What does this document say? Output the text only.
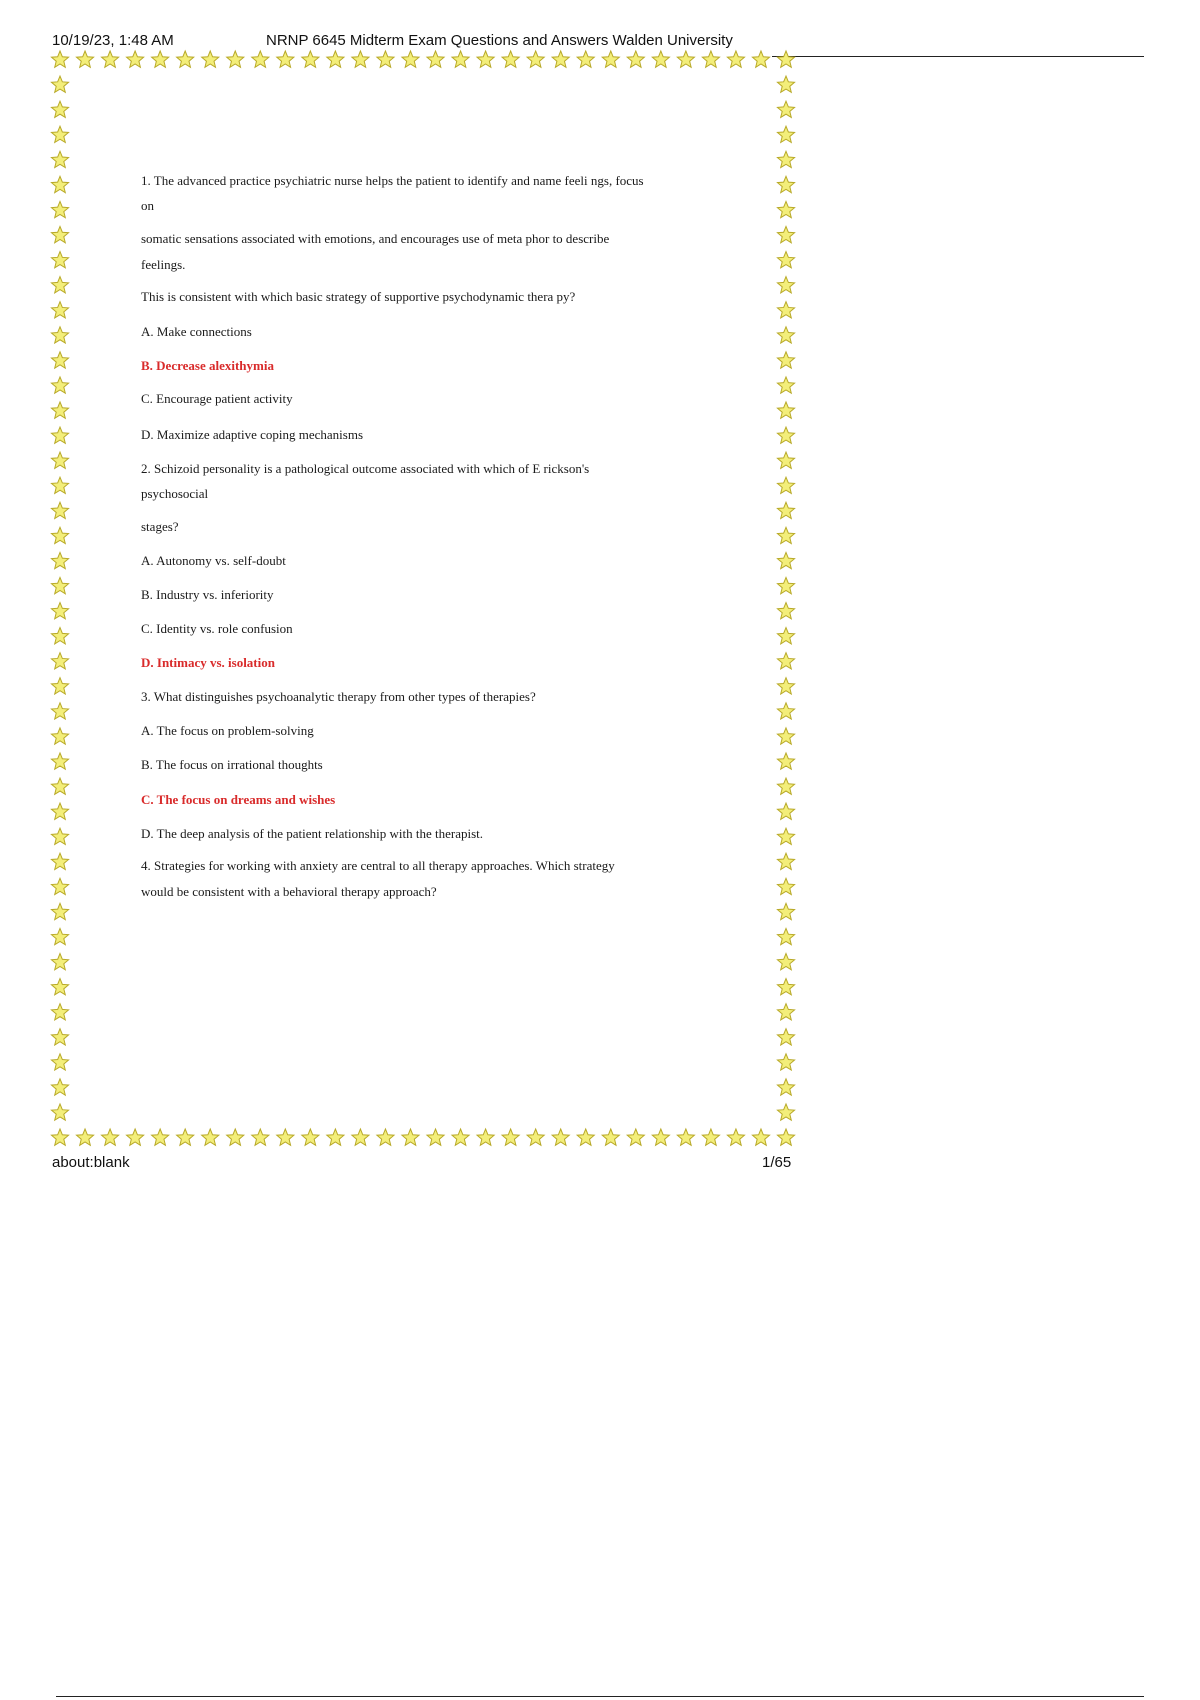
10/19/23, 1:48 AM	NRNP 6645 Midterm Exam Questions and Answers Walden University

1. The advanced practice psychiatric nurse helps the patient to identify and name feeli ngs, focus

on

somatic sensations associated with emotions, and encourages use of meta phor to describe

feelings.

This is consistent with which basic strategy of supportive psychodynamic thera py?

A. Make connections

B. Decrease alexithymia

C. Encourage patient activity

D. Maximize adaptive coping mechanisms

2. Schizoid personality is a pathological outcome associated with which of E rickson's

psychosocial

stages?

A. Autonomy vs. self-doubt

B. Industry vs. inferiority

C. Identity vs. role confusion

D. Intimacy vs. isolation

3. What distinguishes psychoanalytic therapy from other types of therapies?

A. The focus on problem-solving

B. The focus on irrational thoughts

C. The focus on dreams and wishes

D. The deep analysis of the patient relationship with the therapist.

4. Strategies for working with anxiety are central to all therapy approaches. Which strategy

would be consistent with a behavioral therapy approach?

about:blank	1/65
